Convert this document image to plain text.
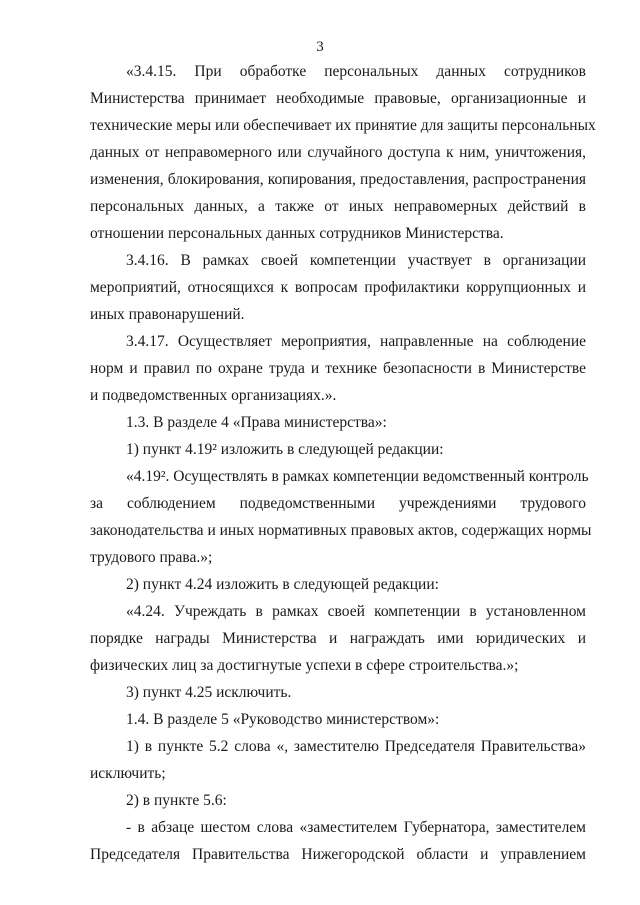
3
«3.4.15. При обработке персональных данных сотрудников
Министерства принимает необходимые правовые, организационные и
технические меры или обеспечивает их принятие для защиты персональных
данных от неправомерного или случайного доступа к ним, уничтожения,
изменения, блокирования, копирования, предоставления, распространения
персональных данных, а также от иных неправомерных действий в
отношении персональных данных сотрудников Министерства.
3.4.16. В рамках своей компетенции участвует в организации
мероприятий, относящихся к вопросам профилактики коррупционных и
иных правонарушений.
3.4.17. Осуществляет мероприятия, направленные на соблюдение
норм и правил по охране труда и технике безопасности в Министерстве
и подведомственных организациях.».
1.3. В разделе 4 «Права министерства»:
1) пункт 4.19² изложить в следующей редакции:
«4.19². Осуществлять в рамках компетенции ведомственный контроль
за соблюдением подведомственными учреждениями трудового
законодательства и иных нормативных правовых актов, содержащих нормы
трудового права.»;
2) пункт 4.24 изложить в следующей редакции:
«4.24. Учреждать в рамках своей компетенции в установленном
порядке награды Министерства и награждать ими юридических и
физических лиц за достигнутые успехи в сфере строительства.»;
3) пункт 4.25 исключить.
1.4. В разделе 5 «Руководство министерством»:
1) в пункте 5.2 слова «, заместителю Председателя Правительства»
исключить;
2) в пункте 5.6:
- в абзаце шестом слова «заместителем Губернатора, заместителем
Председателя Правительства Нижегородской области и управлением
